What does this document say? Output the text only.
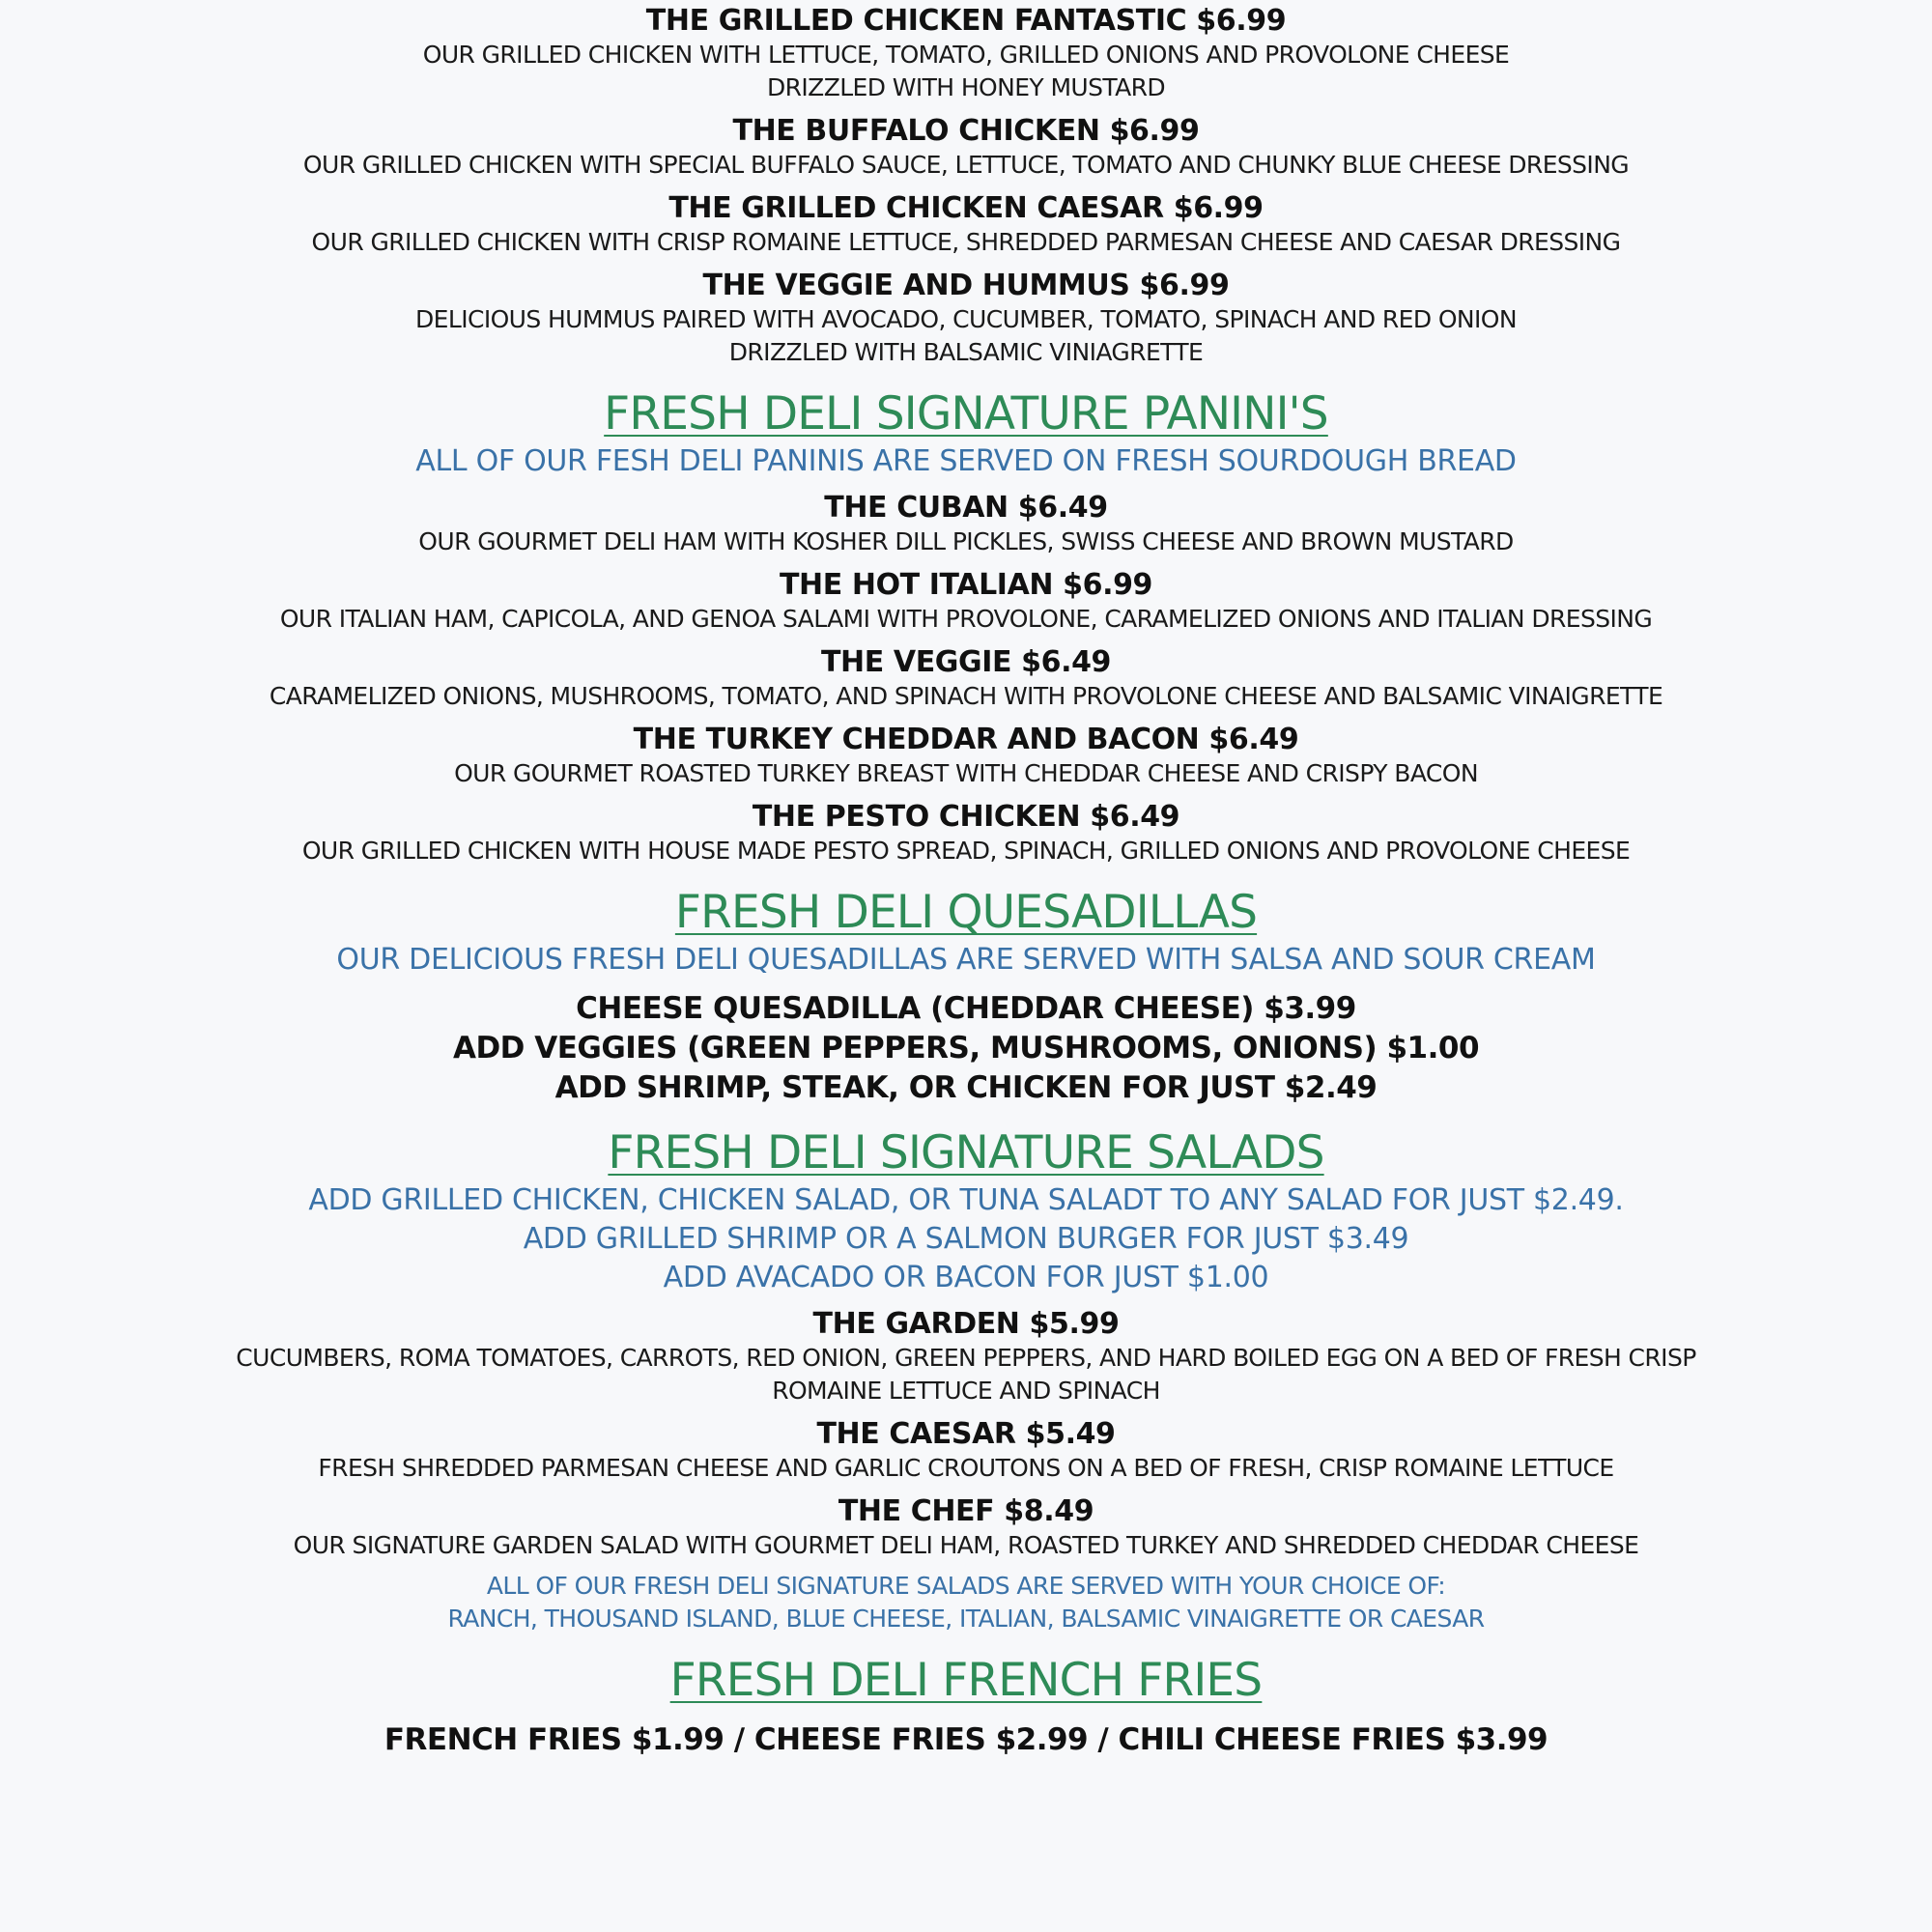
THE GRILLED CHICKEN FANTASTIC $6.99
OUR GRILLED CHICKEN WITH LETTUCE, TOMATO, GRILLED ONIONS AND PROVOLONE CHEESE
DRIZZLED WITH HONEY MUSTARD
THE BUFFALO CHICKEN $6.99
OUR GRILLED CHICKEN WITH SPECIAL BUFFALO SAUCE, LETTUCE, TOMATO AND CHUNKY BLUE CHEESE DRESSING
THE GRILLED CHICKEN CAESAR $6.99
OUR GRILLED CHICKEN WITH CRISP ROMAINE LETTUCE, SHREDDED PARMESAN CHEESE AND CAESAR DRESSING
THE VEGGIE AND HUMMUS $6.99
DELICIOUS HUMMUS PAIRED WITH AVOCADO, CUCUMBER, TOMATO, SPINACH AND RED ONION
DRIZZLED WITH BALSAMIC VINIAGRETTE
FRESH DELI SIGNATURE PANINI'S
ALL OF OUR FESH DELI PANINIS ARE SERVED ON FRESH SOURDOUGH BREAD
THE CUBAN $6.49
OUR GOURMET DELI HAM WITH KOSHER DILL PICKLES, SWISS CHEESE AND BROWN MUSTARD
THE HOT ITALIAN $6.99
OUR ITALIAN HAM, CAPICOLA, AND GENOA SALAMI WITH PROVOLONE, CARAMELIZED ONIONS AND ITALIAN DRESSING
THE VEGGIE $6.49
CARAMELIZED ONIONS, MUSHROOMS, TOMATO, AND SPINACH WITH PROVOLONE CHEESE AND BALSAMIC VINAIGRETTE
THE TURKEY CHEDDAR AND BACON $6.49
OUR GOURMET ROASTED TURKEY BREAST WITH CHEDDAR CHEESE AND CRISPY BACON
THE PESTO CHICKEN $6.49
OUR GRILLED CHICKEN WITH HOUSE MADE PESTO SPREAD, SPINACH, GRILLED ONIONS AND PROVOLONE CHEESE
FRESH DELI QUESADILLAS
OUR DELICIOUS FRESH DELI QUESADILLAS ARE SERVED WITH SALSA AND SOUR CREAM
CHEESE QUESADILLA (CHEDDAR CHEESE) $3.99
ADD VEGGIES (GREEN PEPPERS, MUSHROOMS, ONIONS) $1.00
ADD SHRIMP, STEAK, OR CHICKEN FOR JUST $2.49
FRESH DELI SIGNATURE SALADS
ADD GRILLED CHICKEN, CHICKEN SALAD, OR TUNA SALADT TO ANY SALAD FOR JUST $2.49.
ADD GRILLED SHRIMP OR A SALMON BURGER FOR JUST $3.49
ADD AVACADO OR BACON FOR JUST $1.00
THE GARDEN $5.99
CUCUMBERS, ROMA TOMATOES, CARROTS, RED ONION, GREEN PEPPERS, AND HARD BOILED EGG ON A BED OF FRESH CRISP
ROMAINE LETTUCE AND SPINACH
THE CAESAR $5.49
FRESH SHREDDED PARMESAN CHEESE AND GARLIC CROUTONS ON A BED OF FRESH, CRISP ROMAINE LETTUCE
THE CHEF $8.49
OUR SIGNATURE GARDEN SALAD WITH GOURMET DELI HAM, ROASTED TURKEY AND SHREDDED CHEDDAR CHEESE
ALL OF OUR FRESH DELI SIGNATURE SALADS ARE SERVED WITH YOUR CHOICE OF:
RANCH, THOUSAND ISLAND, BLUE CHEESE, ITALIAN, BALSAMIC VINAIGRETTE OR CAESAR
FRESH DELI FRENCH FRIES
FRENCH FRIES $1.99 / CHEESE FRIES $2.99 / CHILI CHEESE FRIES $3.99
